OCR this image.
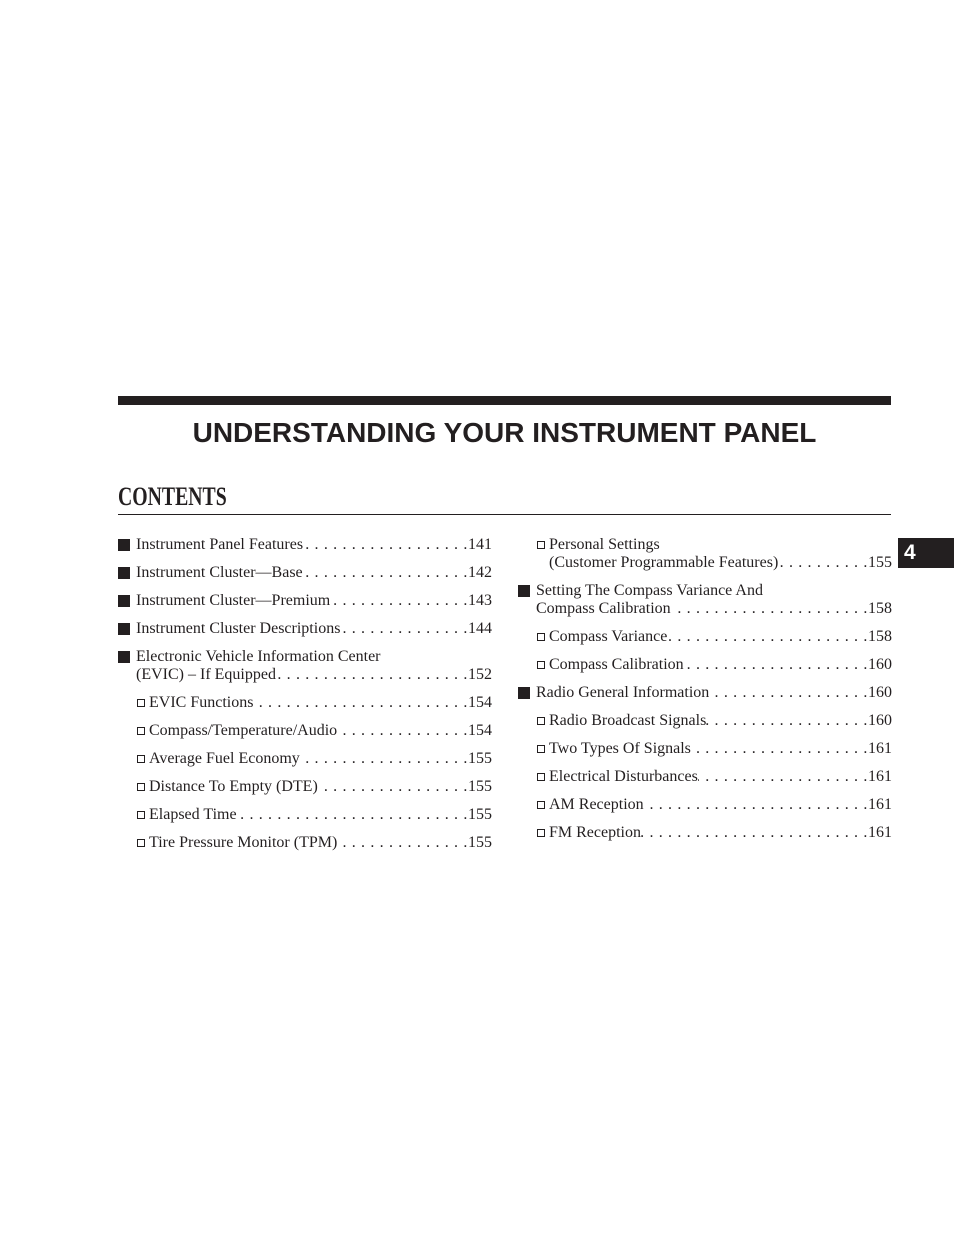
UNDERSTANDING YOUR INSTRUMENT PANEL
CONTENTS
4
Instrument Panel Features . . .	141
Instrument Cluster—Base . . .	142
Instrument Cluster—Premium . . .	143
Instrument Cluster Descriptions . . .	144
Electronic Vehicle Information Center
(EVIC) – If Equipped . . .	152
EVIC Functions . . .	154
Compass/Temperature/Audio . . .	154
Average Fuel Economy . . .	155
Distance To Empty (DTE) . . .	155
Elapsed Time . . .	155
Tire Pressure Monitor (TPM) . . .	155
Personal Settings
(Customer Programmable Features) . . .	155
Setting The Compass Variance And
Compass Calibration . . .	158
Compass Variance . . .	158
Compass Calibration . . .	160
Radio General Information . . .	160
Radio Broadcast Signals . . .	160
Two Types Of Signals . . .	161
Electrical Disturbances . . .	161
AM Reception . . .	161
FM Reception . . .	161
